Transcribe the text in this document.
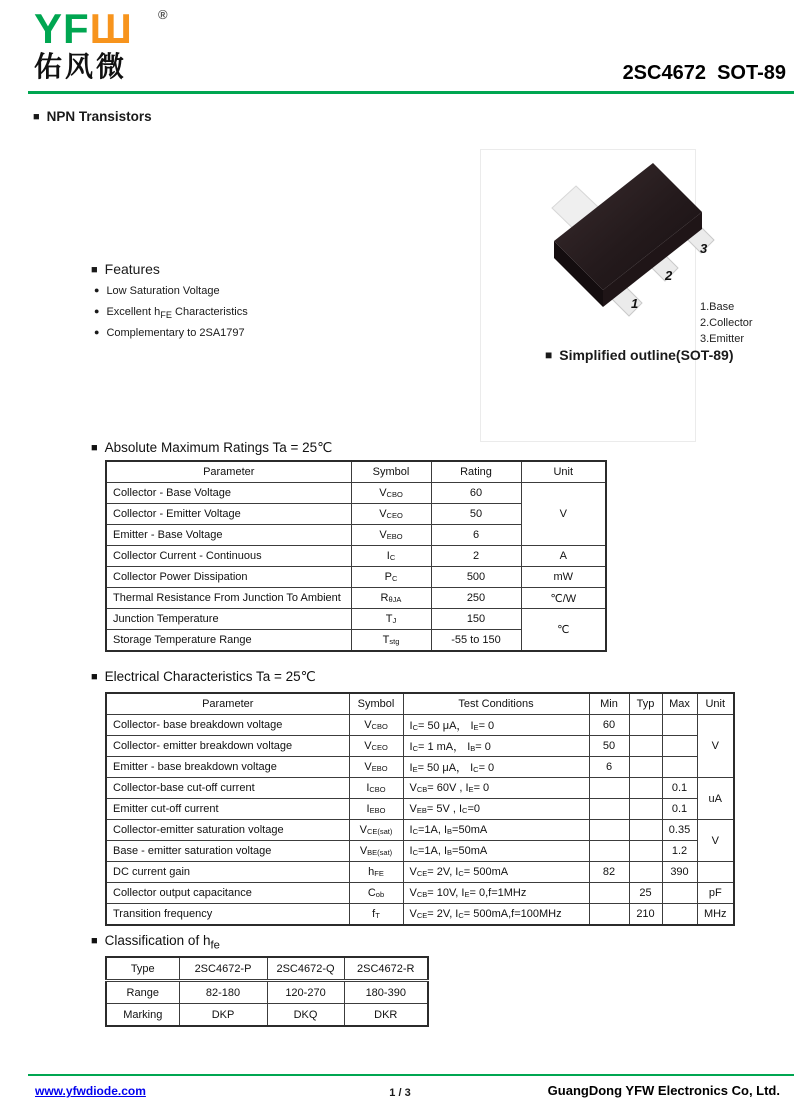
YFШ ®
佑风微	2SC4672  SOT-89
■ NPN Transistors
■ Features
● Low Saturation Voltage
● Excellent $h_{FE}$ Characteristics
● Complementary to 2SA1797
1
2
3
1.Base
2.Collector
3.Emitter
■ Simplified outline(SOT-89)
■ Absolute Maximum Ratings Ta = 25℃
Parameter	Symbol	Rating	Unit
Collector - Base Voltage	$V_{CBO}$	60	V
Collector - Emitter Voltage	$V_{CEO}$	50	
Emitter - Base Voltage	$V_{EBO}$	6	
Collector Current - Continuous	$I_C$	2	A
Collector Power Dissipation	$P_C$	500	mW
Thermal Resistance From Junction To Ambient	$R_{\theta JA}$	250	℃/W
Junction Temperature	$T_J$	150	℃
Storage Temperature Range	$T_{stg}$	-55 to 150	
■ Electrical Characteristics Ta = 25℃
Parameter	Symbol	Test Conditions	Min	Typ	Max	Unit
Collector- base breakdown voltage	$V_{CBO}$	$I_C= 50$ μA， $I_E= 0$	60			V
Collector- emitter breakdown voltage	$V_{CEO}$	$I_C= 1$ mA， $I_B= 0$	50			
Emitter - base breakdown voltage	$V_{EBO}$	$I_E= 50$ μA， $I_C= 0$	6			
Collector-base cut-off current	$I_{CBO}$	$V_{CB}= 60V$ , $I_E= 0$			0.1	uA
Emitter cut-off current	$I_{EBO}$	$V_{EB}= 5V$ , $I_C=0$			0.1	
Collector-emitter saturation voltage	$V_{CE(sat)}$	$I_C=1A$, $I_B=50mA$			0.35	V
Base - emitter saturation voltage	$V_{BE(sat)}$	$I_C=1A$, $I_B=50mA$			1.2	
DC current gain	$h_{FE}$	$V_{CE}= 2V$, $I_C= 500mA$	82		390	
Collector output capacitance	$C_{ob}$	$V_{CB}= 10V$, $I_E= 0,f=1MHz$		25		pF
Transition frequency	$f_T$	$V_{CE}= 2V$, $I_C= 500mA,f=100MHz$		210		MHz
■ Classification of $h_{fe}$
Type	2SC4672-P	2SC4672-Q	2SC4672-R
Range	82-180	120-270	180-390
Marking	DKP	DKQ	DKR
www.yfwdiode.com	1 / 3	GuangDong YFW Electronics Co, Ltd.
